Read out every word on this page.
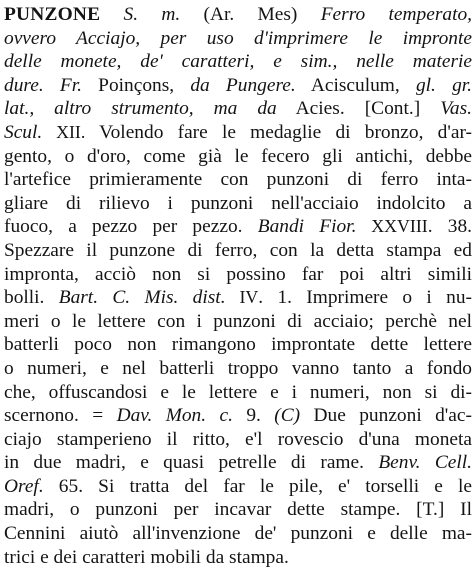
PUNZONE S. m. (Ar. Mes) Ferro temperato,
ovvero Acciajo, per uso d'imprimere le impronte
delle monete, de' caratteri, e sim., nelle materie
dure. Fr. Poinçons, da Pungere. Acisculum, gl. gr.
lat., altro strumento, ma da Acies. [Cont.] Vas.
Scul. XII. Volendo fare le medaglie di bronzo, d'ar-
gento, o d'oro, come già le fecero gli antichi, debbe
l'artefice primieramente con punzoni di ferro inta-
gliare di rilievo i punzoni nell'acciaio indolcito a
fuoco, a pezzo per pezzo. Bandi Fior. XXVIII. 38.
Spezzare il punzone di ferro, con la detta stampa ed
impronta, acciò non si possino far poi altri simili
bolli. Bart. C. Mis. dist. IV. 1. Imprimere o i nu-
meri o le lettere con i punzoni di acciaio; perchè nel
batterli poco non rimangono improntate dette lettere
o numeri, e nel batterli troppo vanno tanto a fondo
che, offuscandosi e le lettere e i numeri, non si di-
scernono. = Dav. Mon. c. 9. (C) Due punzoni d'ac-
ciajo stamperieno il ritto, e'l rovescio d'una moneta
in due madri, e quasi petrelle di rame. Benv. Cell.
Oref. 65. Si tratta del far le pile, e' torselli e le
madri, o punzoni per incavar dette stampe. [T.] Il
Cennini aiutò all'invenzione de' punzoni e delle ma-
trici e dei caratteri mobili da stampa.
